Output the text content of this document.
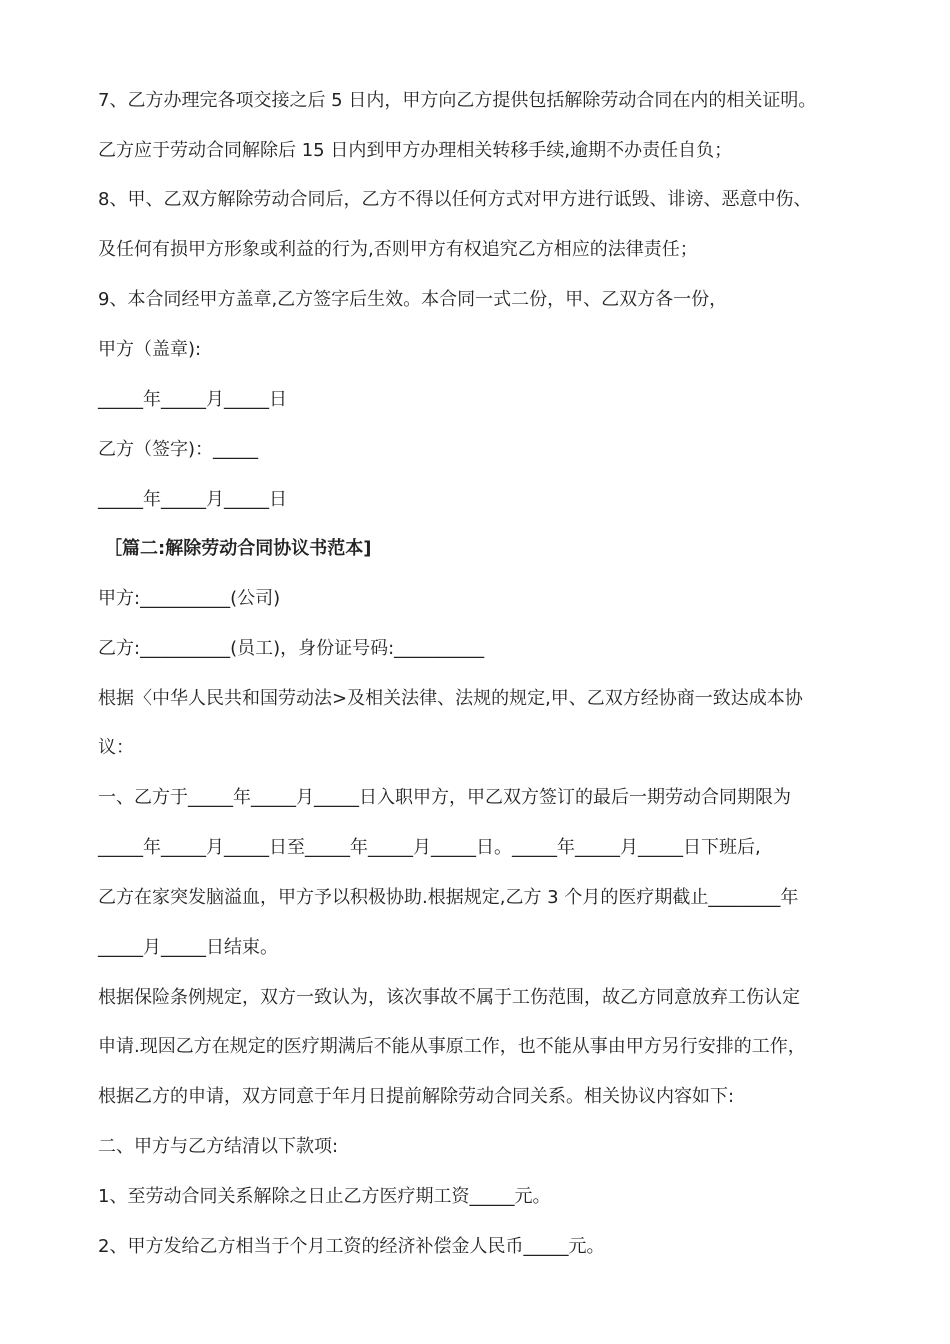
7、乙方办理完各项交接之后 5 日内，甲方向乙方提供包括解除劳动合同在内的相关证明。

乙方应于劳动合同解除后 15 日内到甲方办理相关转移手续,逾期不办责任自负；

8、甲、乙双方解除劳动合同后，乙方不得以任何方式对甲方进行诋毁、诽谤、恶意中伤、

及任何有损甲方形象或利益的行为,否则甲方有权追究乙方相应的法律责任；

9、本合同经甲方盖章,乙方签字后生效。本合同一式二份，甲、乙双方各一份，

甲方（盖章):

_____年_____月_____日

乙方（签字)：_____

_____年_____月_____日

［篇二:解除劳动合同协议书范本]

甲方:__________(公司)

乙方:__________(员工)，身份证号码:__________

根据〈中华人民共和国劳动法>及相关法律、法规的规定,甲、乙双方经协商一致达成本协

议：

一、乙方于_____年_____月_____日入职甲方，甲乙双方签订的最后一期劳动合同期限为

_____年_____月_____日至_____年_____月_____日。_____年_____月_____日下班后,

乙方在家突发脑溢血，甲方予以积极协助.根据规定,乙方 3 个月的医疗期截止________年

_____月_____日结束。

根据保险条例规定，双方一致认为，该次事故不属于工伤范围，故乙方同意放弃工伤认定

申请.现因乙方在规定的医疗期满后不能从事原工作，也不能从事由甲方另行安排的工作，

根据乙方的申请，双方同意于年月日提前解除劳动合同关系。相关协议内容如下:

二、甲方与乙方结清以下款项:

1、至劳动合同关系解除之日止乙方医疗期工资_____元。

2、甲方发给乙方相当于个月工资的经济补偿金人民币_____元。
